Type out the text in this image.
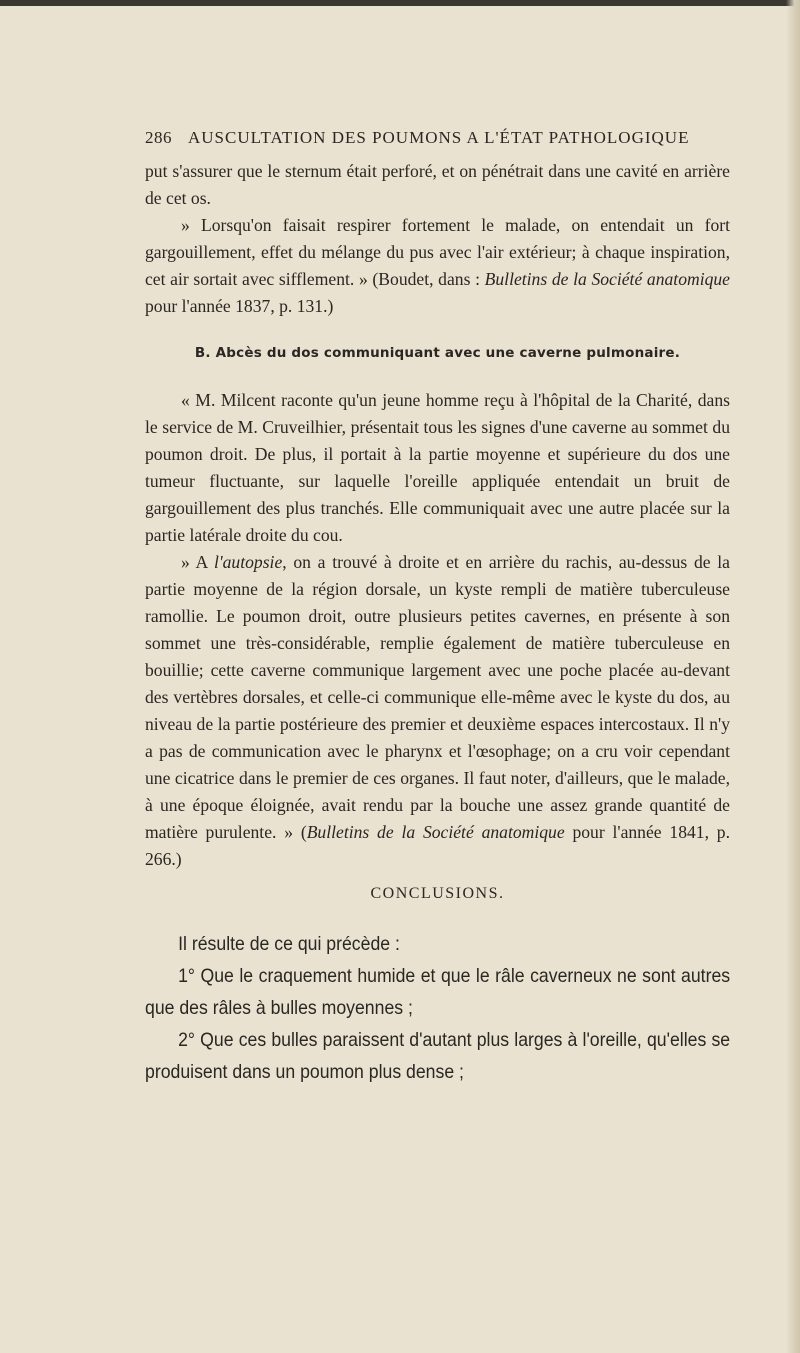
286 AUSCULTATION DES POUMONS A L'ÉTAT PATHOLOGIQUE

put s'assurer que le sternum était perforé, et on pénétrait dans une cavité en arrière de cet os.

» Lorsqu'on faisait respirer fortement le malade, on entendait un fort gargouillement, effet du mélange du pus avec l'air extérieur; à chaque inspiration, cet air sortait avec sifflement. » (Boudet, dans : Bulletins de la Société anatomique pour l'année 1837, p. 131.)

B. Abcès du dos communiquant avec une caverne pulmonaire.

« M. Milcent raconte qu'un jeune homme reçu à l'hôpital de la Charité, dans le service de M. Cruveilhier, présentait tous les signes d'une caverne au sommet du poumon droit. De plus, il portait à la partie moyenne et supérieure du dos une tumeur fluctuante, sur laquelle l'oreille appliquée entendait un bruit de gargouillement des plus tranchés. Elle communiquait avec une autre placée sur la partie latérale droite du cou.

» A l'autopsie, on a trouvé à droite et en arrière du rachis, au-dessus de la partie moyenne de la région dorsale, un kyste rempli de matière tuberculeuse ramollie. Le poumon droit, outre plusieurs petites cavernes, en présente à son sommet une très-considérable, remplie également de matière tuberculeuse en bouillie; cette caverne communique largement avec une poche placée au-devant des vertèbres dorsales, et celle-ci communique elle-même avec le kyste du dos, au niveau de la partie postérieure des premier et deuxième espaces intercostaux. Il n'y a pas de communication avec le pharynx et l'œsophage; on a cru voir cependant une cicatrice dans le premier de ces organes. Il faut noter, d'ailleurs, que le malade, à une époque éloignée, avait rendu par la bouche une assez grande quantité de matière purulente. » (Bulletins de la Société anatomique pour l'année 1841, p. 266.)

CONCLUSIONS.

Il résulte de ce qui précède :

1° Que le craquement humide et que le râle caverneux ne sont autres que des râles à bulles moyennes ;

2° Que ces bulles paraissent d'autant plus larges à l'oreille, qu'elles se produisent dans un poumon plus dense ;
